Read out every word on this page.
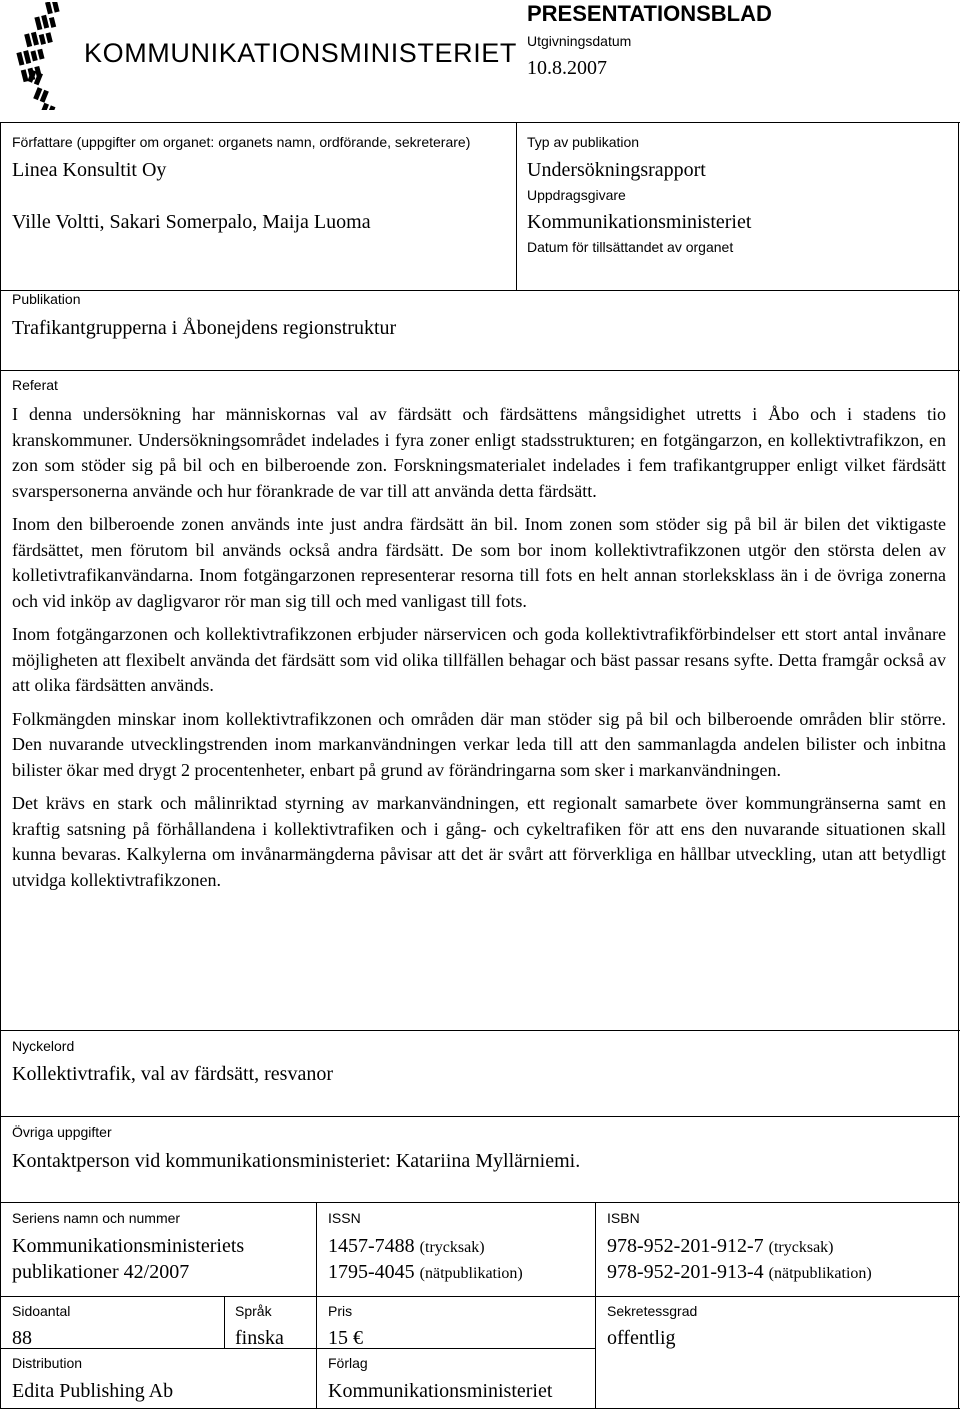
KOMMUNIKATIONSMINISTERIET
PRESENTATIONSBLAD
Utgivningsdatum
10.8.2007
Författare (uppgifter om organet: organets namn, ordförande, sekreterare)
Linea Konsultit Oy
Ville Voltti, Sakari Somerpalo, Maija Luoma
Typ av publikation
Undersökningsrapport
Uppdragsgivare
Kommunikationsministeriet
Datum för tillsättandet av organet
Publikation
Trafikantgrupperna i Åbonejdens regionstruktur
Referat

I denna undersökning har människornas val av färdsätt och färdsättens mångsidighet utretts i Åbo och i stadens tio kranskommuner. Undersökningsområdet indelades i fyra zoner enligt stadsstrukturen; en fotgängarzon, en kollektivtrafikzon, en zon som stöder sig på bil och en bilberoende zon. Forskningsmaterialet indelades i fem trafikantgrupper enligt vilket färdsätt svarspersonerna använde och hur förankrade de var till att använda detta färdsätt.

Inom den bilberoende zonen används inte just andra färdsätt än bil. Inom zonen som stöder sig på bil är bilen det viktigaste färdsättet, men förutom bil används också andra färdsätt. De som bor inom kollektivtrafikzonen utgör den största delen av kolletivtrafikanvändarna. Inom fotgängarzonen representerar resorna till fots en helt annan storleksklass än i de övriga zonerna och vid inköp av dagligvaror rör man sig till och med vanligast till fots.

Inom fotgängarzonen och kollektivtrafikzonen erbjuder närservicen och goda kollektivtrafikförbindelser ett stort antal invånare möjligheten att flexibelt använda det färdsätt som vid olika tillfällen behagar och bäst passar resans syfte. Detta framgår också av att olika färdsätten används.

Folkmängden minskar inom kollektivtrafikzonen och områden där man stöder sig på bil och bilberoende områden blir större. Den nuvarande utvecklingstrenden inom markanvändningen verkar leda till att den sammanlagda andelen bilister och inbitna bilister ökar med drygt 2 procentenheter, enbart på grund av förändringarna som sker i markanvändningen.

Det krävs en stark och målinriktad styrning av markanvändningen, ett regionalt samarbete över kommungränserna samt en kraftig satsning på förhållandena i kollektivtrafiken och i gång- och cykeltrafiken för att ens den nuvarande situationen skall kunna bevaras. Kalkylerna om invånarmängderna påvisar att det är svårt att förverkliga en hållbar utveckling, utan att betydligt utvidga kollektivtrafikzonen.

Nyckelord
Kollektivtrafik, val av färdsätt, resvanor
Övriga uppgifter
Kontaktperson vid kommunikationsministeriet: Katariina Myllärniemi.
Seriens namn och nummer
Kommunikationsministeriets
publikationer 42/2007
ISSN
1457-7488 (trycksak)
1795-4045 (nätpublikation)
ISBN
978-952-201-912-7 (trycksak)
978-952-201-913-4 (nätpublikation)
Sidoantal
88
Språk
finska
Pris
15 €
Sekretessgrad
offentlig
Distribution
Edita Publishing Ab
Förlag
Kommunikationsministeriet
